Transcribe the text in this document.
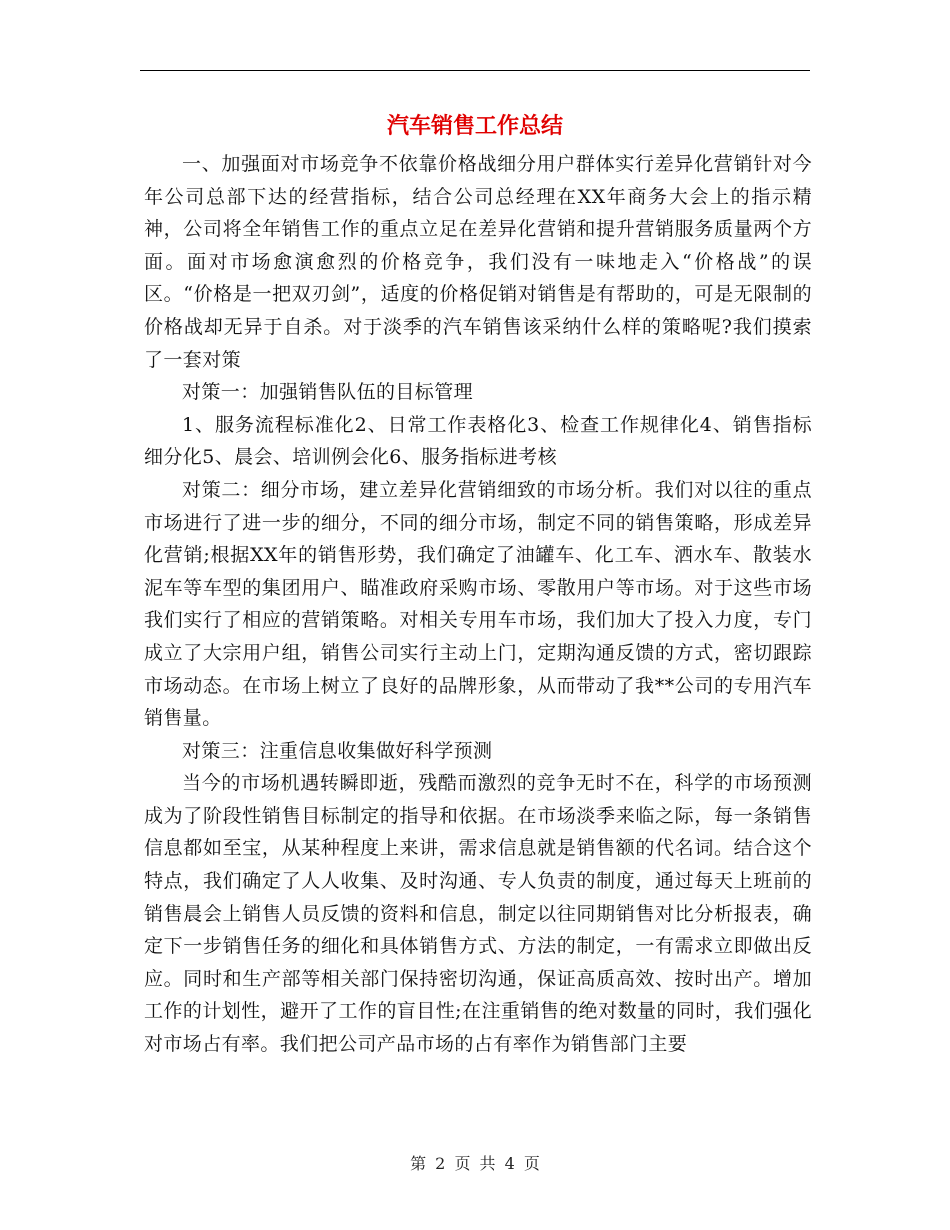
汽车销售工作总结

一、加强面对市场竞争不依靠价格战细分用户群体实行差异化营销针对今年公司总部下达的经营指标，结合公司总经理在XX年商务大会上的指示精神，公司将全年销售工作的重点立足在差异化营销和提升营销服务质量两个方面。面对市场愈演愈烈的价格竞争，我们没有一味地走入“价格战”的误区。“价格是一把双刃剑”，适度的价格促销对销售是有帮助的，可是无限制的价格战却无异于自杀。对于淡季的汽车销售该采纳什么样的策略呢?我们摸索了一套对策

对策一：加强销售队伍的目标管理

1、服务流程标准化2、日常工作表格化3、检查工作规律化4、销售指标细分化5、晨会、培训例会化6、服务指标进考核

对策二：细分市场，建立差异化营销细致的市场分析。我们对以往的重点市场进行了进一步的细分，不同的细分市场，制定不同的销售策略，形成差异化营销;根据XX年的销售形势，我们确定了油罐车、化工车、洒水车、散装水泥车等车型的集团用户、瞄准政府采购市场、零散用户等市场。对于这些市场我们实行了相应的营销策略。对相关专用车市场，我们加大了投入力度，专门成立了大宗用户组，销售公司实行主动上门，定期沟通反馈的方式，密切跟踪市场动态。在市场上树立了良好的品牌形象，从而带动了我**公司的专用汽车销售量。

对策三：注重信息收集做好科学预测

当今的市场机遇转瞬即逝，残酷而激烈的竞争无时不在，科学的市场预测成为了阶段性销售目标制定的指导和依据。在市场淡季来临之际，每一条销售信息都如至宝，从某种程度上来讲，需求信息就是销售额的代名词。结合这个特点，我们确定了人人收集、及时沟通、专人负责的制度，通过每天上班前的销售晨会上销售人员反馈的资料和信息，制定以往同期销售对比分析报表，确定下一步销售任务的细化和具体销售方式、方法的制定，一有需求立即做出反应。同时和生产部等相关部门保持密切沟通，保证高质高效、按时出产。增加工作的计划性，避开了工作的盲目性;在注重销售的绝对数量的同时，我们强化对市场占有率。我们把公司产品市场的占有率作为销售部门主要

第 2 页 共 4 页
